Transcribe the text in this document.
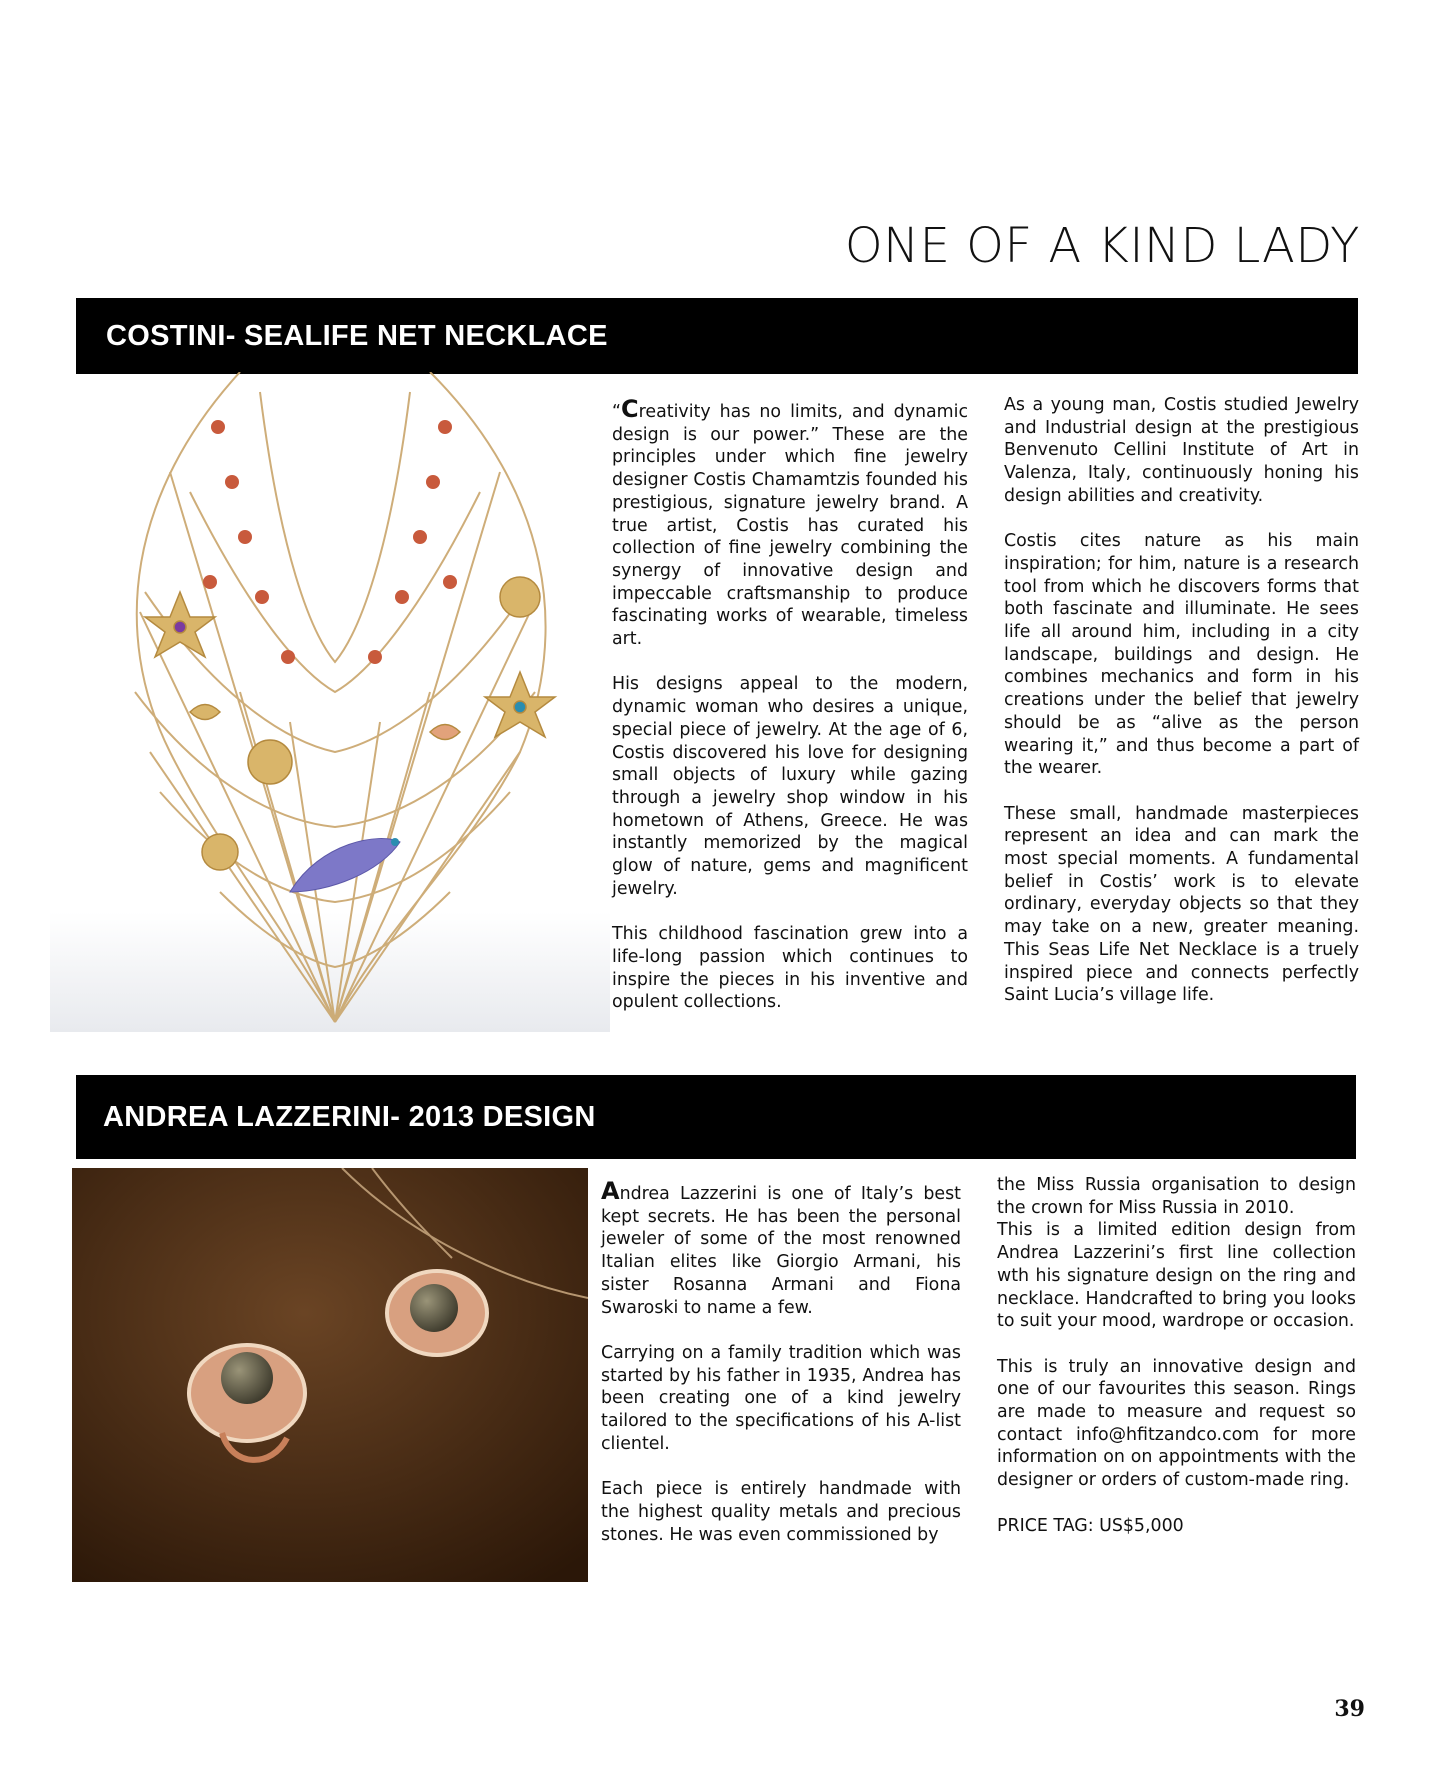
ONE OF A KIND LADY
COSTINI- SEALIFE NET NECKLACE

“Creativity has no limits, and dynamic design is our power.” These are the principles under which fine jewelry designer Costis Chamamtzis founded his prestigious, signature jewelry brand. A true artist, Costis has curated his collection of fine jewelry combining the synergy of innovative design and impeccable craftsmanship to produce fascinating works of wearable, timeless art.

His designs appeal to the modern, dynamic woman who desires a unique, special piece of jewelry. At the age of 6, Costis discovered his love for designing small objects of luxury while gazing through a jewelry shop window in his hometown of Athens, Greece. He was instantly memorized by the magical glow of nature, gems and magnificent jewelry.

This childhood fascination grew into a life-long passion which continues to inspire the pieces in his inventive and opulent collections.

As a young man, Costis studied Jewelry and Industrial design at the prestigious Benvenuto Cellini Institute of Art in Valenza, Italy, continuously honing his design abilities and creativity.

Costis cites nature as his main inspiration; for him, nature is a research tool from which he discovers forms that both fascinate and illuminate. He sees life all around him, including in a city landscape, buildings and design. He combines mechanics and form in his creations under the belief that jewelry should be as “alive as the person wearing it,” and thus become a part of the wearer.

These small, handmade masterpieces represent an idea and can mark the most special moments. A fundamental belief in Costis’ work is to elevate ordinary, everyday objects so that they may take on a new, greater meaning. This Seas Life Net Necklace is a truely inspired piece and connects perfectly Saint Lucia’s village life.

ANDREA LAZZERINI- 2013 DESIGN

Andrea Lazzerini is one of Italy’s best kept secrets. He has been the personal jeweler of some of the most renowned Italian elites like Giorgio Armani, his sister Rosanna Armani and Fiona Swaroski to name a few.

Carrying on a family tradition which was started by his father in 1935, Andrea has been creating one of a kind jewelry tailored to the specifications of his A-list clientel.

Each piece is entirely handmade with the highest quality metals and precious stones. He was even commissioned by

the Miss Russia organisation to design the crown for Miss Russia in 2010.

This is a limited edition design from Andrea Lazzerini’s first line collection wth his signature design on the ring and necklace. Handcrafted to bring you looks to suit your mood, wardrope or occasion.

This is truly an innovative design and one of our favourites this season. Rings are made to measure and request so contact info@hfitzandco.com for more information on on appointments with the designer or orders of custom-made ring.

PRICE TAG: US$5,000

39
